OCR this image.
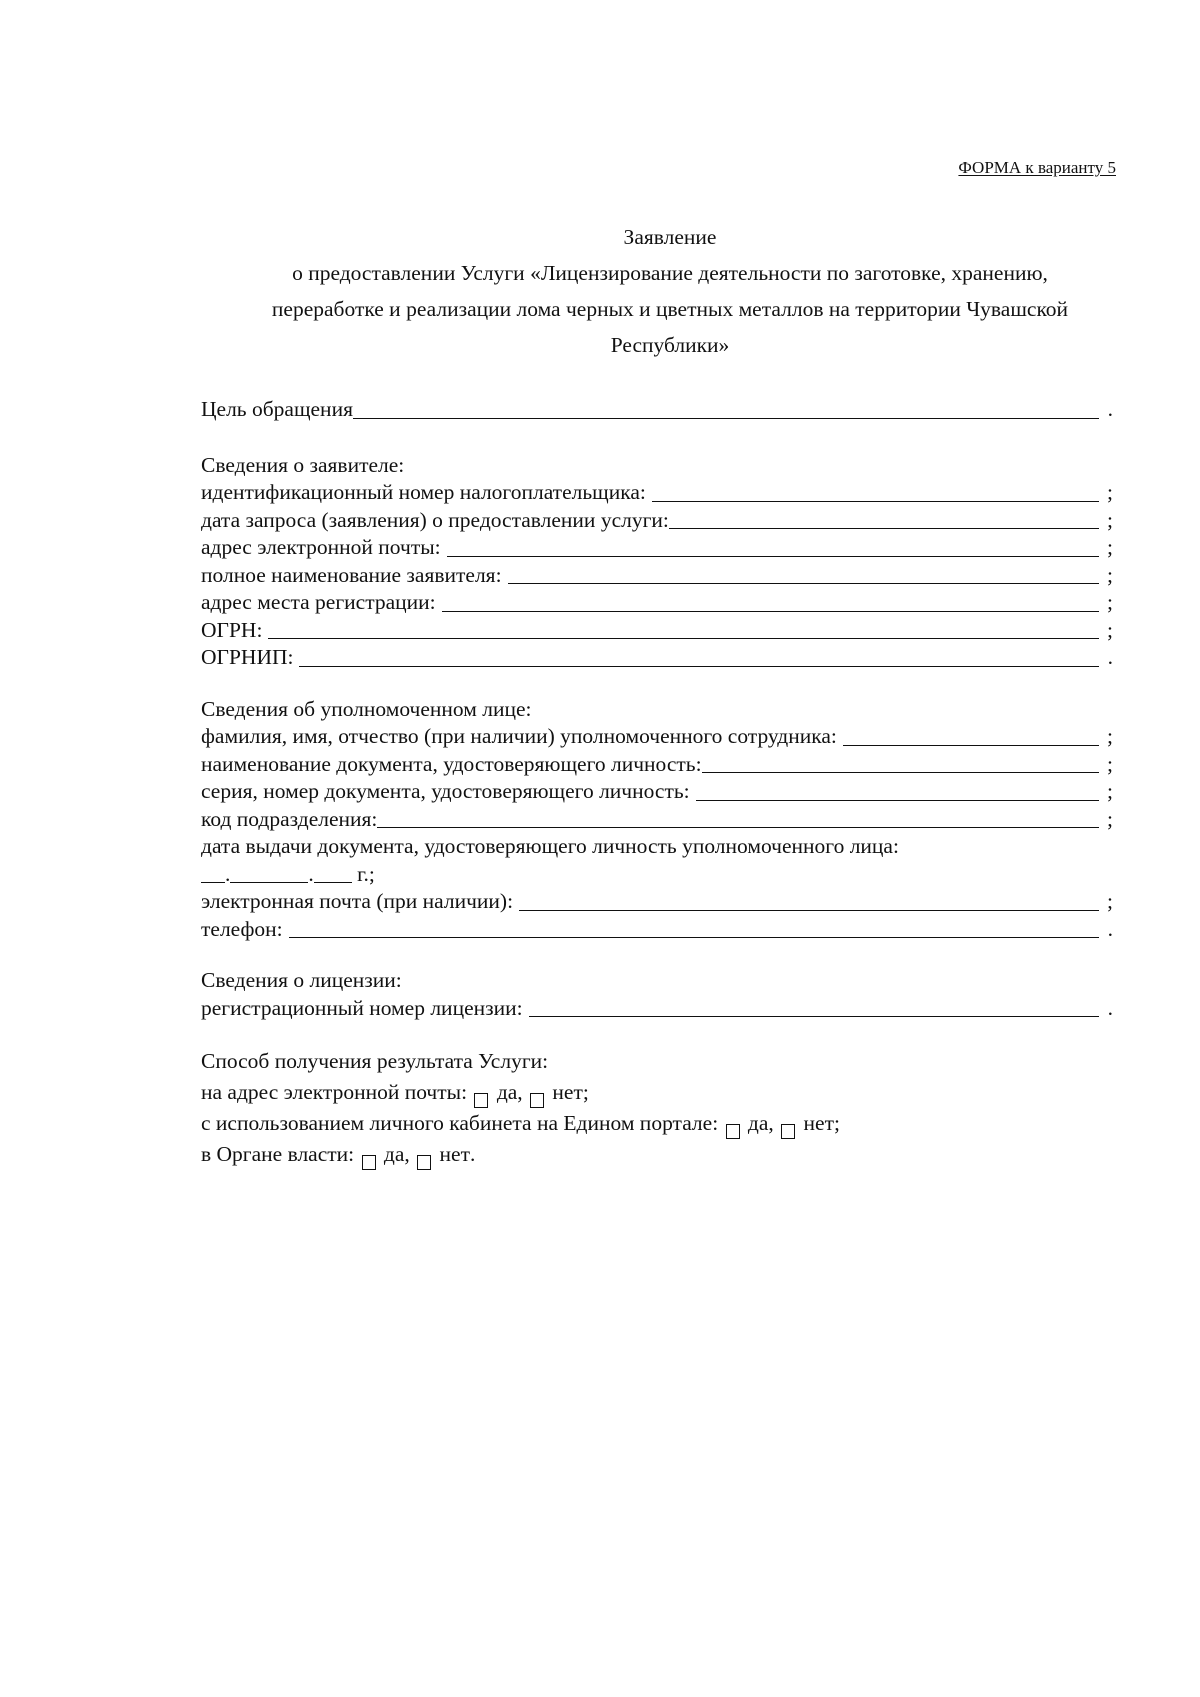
ФОРМА к варианту 5
Заявление
о предоставлении Услуги «Лицензирование деятельности по заготовке, хранению,
переработке и реализации лома черных и цветных металлов на территории Чувашской
Республики»
Цель обращения	.
Сведения о заявителе:
идентификационный номер налогоплательщика:	;
дата запроса (заявления) о предоставлении услуги:	;
адрес электронной почты:	;
полное наименование заявителя:	;
адрес места регистрации:	;
ОГРН:	;
ОГРНИП:	.
Сведения об уполномоченном лице:
фамилия, имя, отчество (при наличии) уполномоченного сотрудника:	;
наименование документа, удостоверяющего личность:	;
серия, номер документа, удостоверяющего личность:	;
код подразделения:	;
дата выдачи документа, удостоверяющего личность уполномоченного лица:
.	.
г.;
электронная почта (при наличии):	;
телефон:	.
Сведения о лицензии:
регистрационный номер лицензии:	.
Способ получения результата Услуги:
на адрес электронной почты:

да,

нет ;
с использованием личного кабинета на Едином портале:

да,

нет ;
в Органе власти:

да,

нет .
